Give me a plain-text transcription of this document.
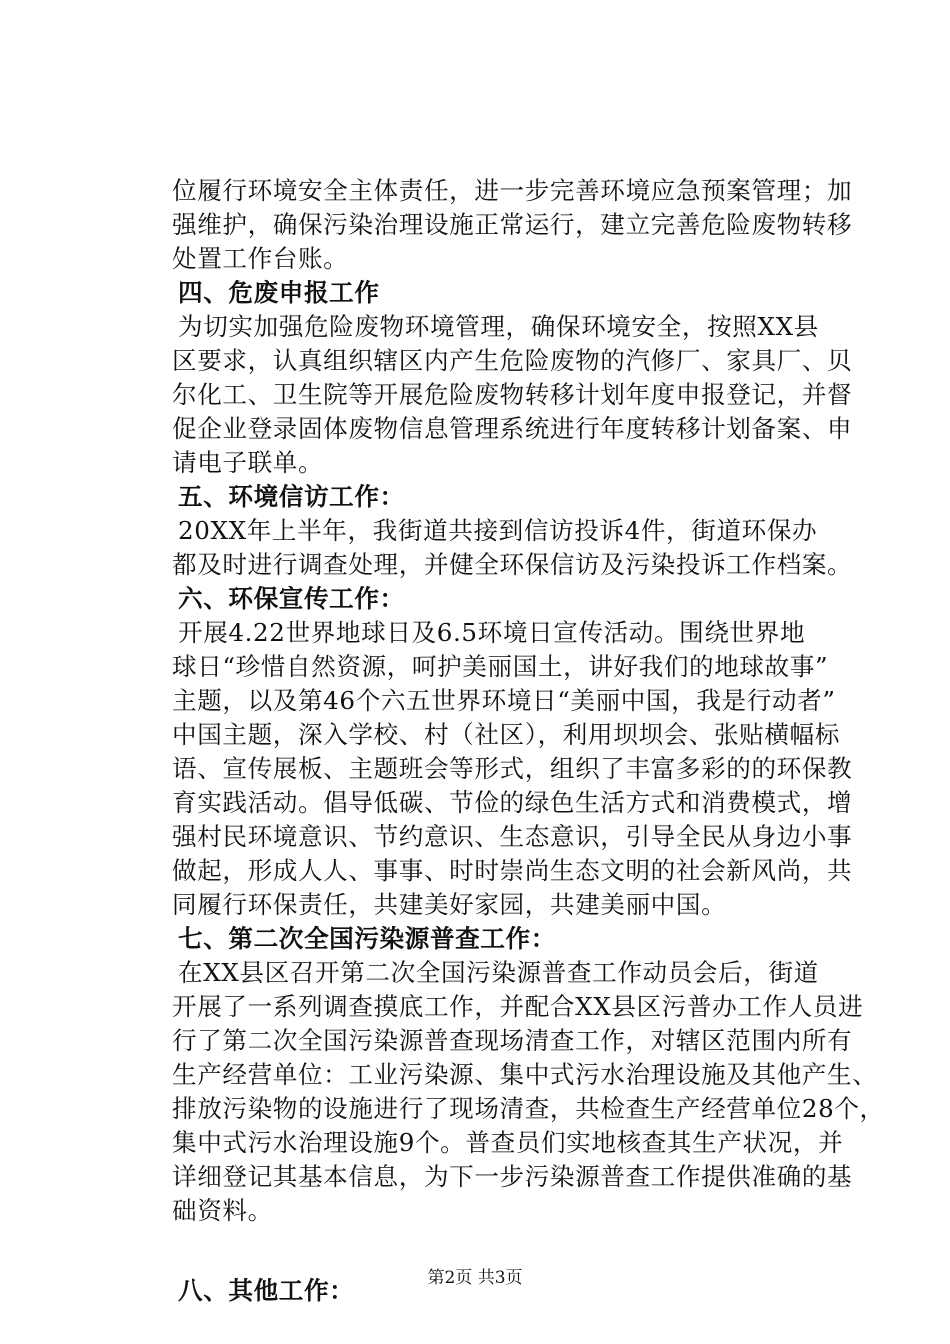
位履行环境安全主体责任，进一步完善环境应急预案管理；加
强维护，确保污染治理设施正常运行，建立完善危险废物转移
处置工作台账。
四、危废申报工作
为切实加强危险废物环境管理，确保环境安全，按照XX县
区要求，认真组织辖区内产生危险废物的汽修厂、家具厂、贝
尔化工、卫生院等开展危险废物转移计划年度申报登记，并督
促企业登录固体废物信息管理系统进行年度转移计划备案、申
请电子联单。
五、环境信访工作：
20XX年上半年，我街道共接到信访投诉4件，街道环保办
都及时进行调查处理，并健全环保信访及污染投诉工作档案。
六、环保宣传工作：
开展4.22世界地球日及6.5环境日宣传活动。围绕世界地
球日“珍惜自然资源，呵护美丽国土，讲好我们的地球故事”
主题，以及第46个六五世界环境日“美丽中国，我是行动者”
中国主题，深入学校、村（社区），利用坝坝会、张贴横幅标
语、宣传展板、主题班会等形式，组织了丰富多彩的的环保教
育实践活动。倡导低碳、节俭的绿色生活方式和消费模式，增
强村民环境意识、节约意识、生态意识，引导全民从身边小事
做起，形成人人、事事、时时崇尚生态文明的社会新风尚，共
同履行环保责任，共建美好家园，共建美丽中国。
七、第二次全国污染源普查工作：
在XX县区召开第二次全国污染源普查工作动员会后，街道
开展了一系列调查摸底工作，并配合XX县区污普办工作人员进
行了第二次全国污染源普查现场清查工作，对辖区范围内所有
生产经营单位：工业污染源、集中式污水治理设施及其他产生、
排放污染物的设施进行了现场清查，共检查生产经营单位28个，
集中式污水治理设施9个。普查员们实地核查其生产状况，并
详细登记其基本信息，为下一步污染源普查工作提供准确的基
础资料。
八、其他工作：	第2页 共3页
